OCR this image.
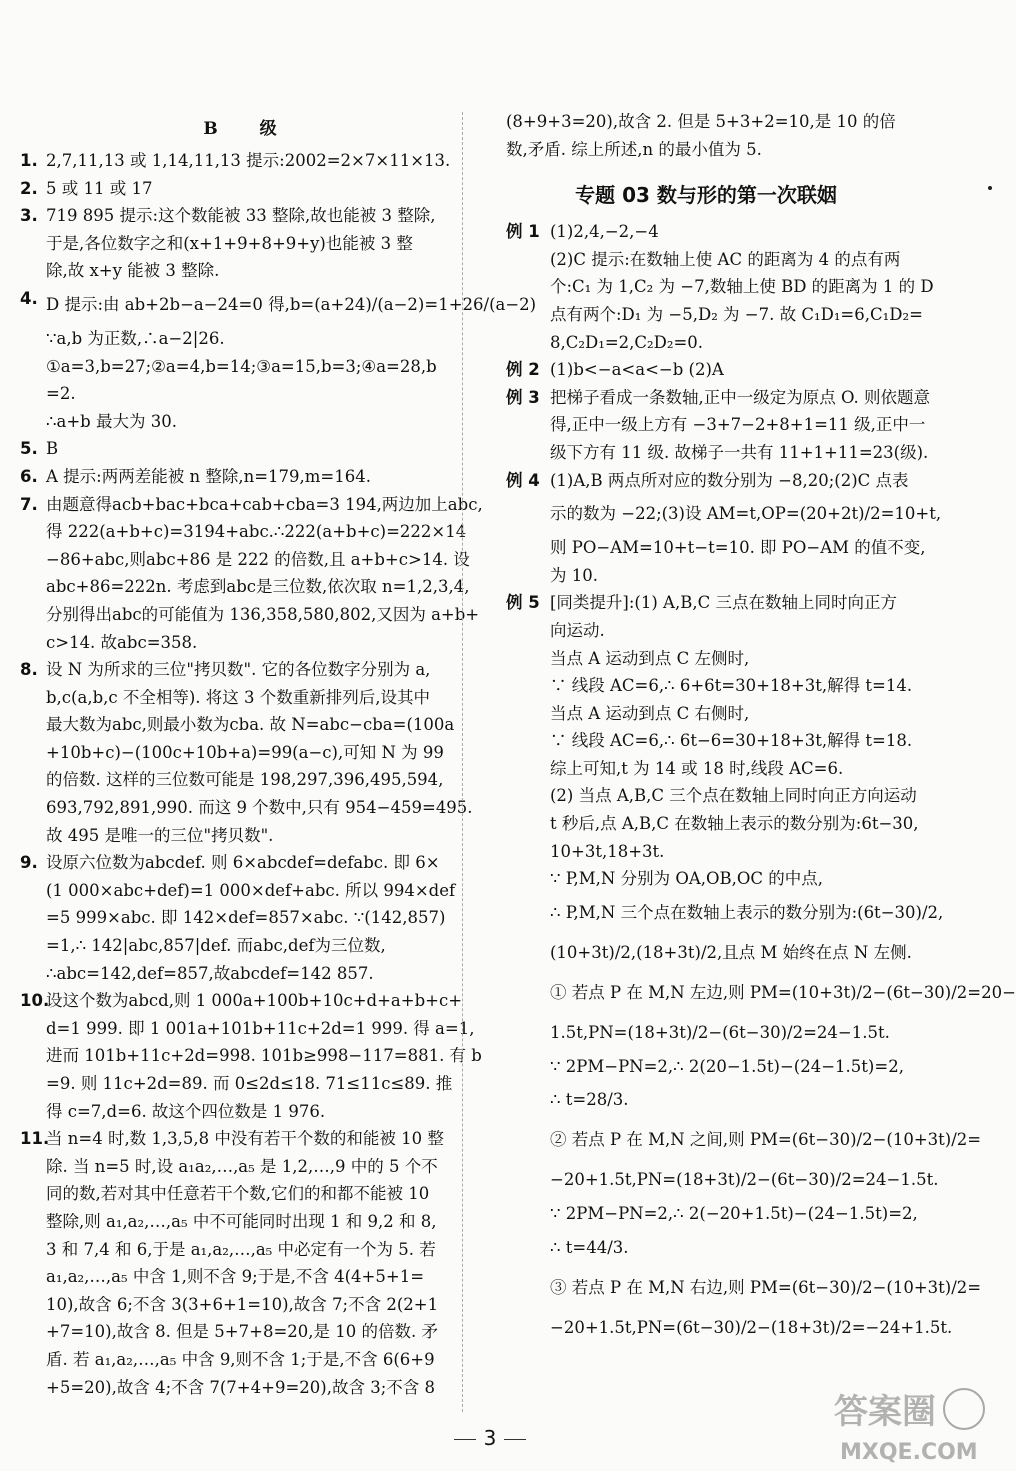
B 级
1. 2,7,11,13 或 1,14,11,13 提示:2002=2×7×11×13.
2. 5 或 11 或 17
3. 719 895 提示:这个数能被 33 整除,故也能被 3 整除,
于是,各位数字之和(x+1+9+8+9+y)也能被 3 整
除,故 x+y 能被 3 整除.
4. D 提示:由 ab+2b−a−24=0 得,b=(a+24)/(a−2)=1+26/(a−2)
∵a,b 为正数,∴a−2|26.
①a=3,b=27;②a=4,b=14;③a=15,b=3;④a=28,b
=2.
∴a+b 最大为 30.
5. B
6. A 提示:两两差能被 n 整除,n=179,m=164.
7. 由题意得acb+bac+bca+cab+cba=3 194,两边加上abc,
得 222(a+b+c)=3194+abc.∴222(a+b+c)=222×14
−86+abc,则abc+86 是 222 的倍数,且 a+b+c>14. 设
abc+86=222n. 考虑到abc是三位数,依次取 n=1,2,3,4,
分别得出abc的可能值为 136,358,580,802,又因为 a+b+
c>14. 故abc=358.
8. 设 N 为所求的三位"拷贝数". 它的各位数字分别为 a,
b,c(a,b,c 不全相等). 将这 3 个数重新排列后,设其中
最大数为abc,则最小数为cba. 故 N=abc−cba=(100a
+10b+c)−(100c+10b+a)=99(a−c),可知 N 为 99
的倍数. 这样的三位数可能是 198,297,396,495,594,
693,792,891,990. 而这 9 个数中,只有 954−459=495.
故 495 是唯一的三位"拷贝数".
9. 设原六位数为abcdef. 则 6×abcdef=defabc. 即 6×
(1 000×abc+def)=1 000×def+abc. 所以 994×def
=5 999×abc. 即 142×def=857×abc. ∵(142,857)
=1,∴ 142|abc,857|def. 而abc,def为三位数,
∴abc=142,def=857,故abcdef=142 857.
10.
设这个数为abcd,则 1 000a+100b+10c+d+a+b+c+
d=1 999. 即 1 001a+101b+11c+2d=1 999. 得 a=1,
进而 101b+11c+2d=998. 101b≥998−117=881. 有 b
=9. 则 11c+2d=89. 而 0≤2d≤18. 71≤11c≤89. 推
得 c=7,d=6. 故这个四位数是 1 976.
11.
当 n=4 时,数 1,3,5,8 中没有若干个数的和能被 10 整
除. 当 n=5 时,设 a₁a₂,…,a₅ 是 1,2,…,9 中的 5 个不
同的数,若对其中任意若干个数,它们的和都不能被 10
整除,则 a₁,a₂,…,a₅ 中不可能同时出现 1 和 9,2 和 8,
3 和 7,4 和 6,于是 a₁,a₂,…,a₅ 中必定有一个为 5. 若
a₁,a₂,…,a₅ 中含 1,则不含 9;于是,不含 4(4+5+1=
10),故含 6;不含 3(3+6+1=10),故含 7;不含 2(2+1
+7=10),故含 8. 但是 5+7+8=20,是 10 的倍数. 矛
盾. 若 a₁,a₂,…,a₅ 中含 9,则不含 1;于是,不含 6(6+9
+5=20),故含 4;不含 7(7+4+9=20),故含 3;不含 8
(8+9+3=20),故含 2. 但是 5+3+2=10,是 10 的倍
数,矛盾. 综上所述,n 的最小值为 5.
专题 03 数与形的第一次联姻
例 1 (1)2,4,−2,−4
(2)C 提示:在数轴上使 AC 的距离为 4 的点有两
个:C₁ 为 1,C₂ 为 −7,数轴上使 BD 的距离为 1 的 D
点有两个:D₁ 为 −5,D₂ 为 −7. 故 C₁D₁=6,C₁D₂=
8,C₂D₁=2,C₂D₂=0.
例 2 (1)b<−a<a<−b (2)A
例 3 把梯子看成一条数轴,正中一级定为原点 O. 则依题意
得,正中一级上方有 −3+7−2+8+1=11 级,正中一
级下方有 11 级. 故梯子一共有 11+1+11=23(级).
例 4 (1)A,B 两点所对应的数分别为 −8,20;(2)C 点表
示的数为 −22;(3)设 AM=t,OP=(20+2t)/2=10+t,
则 PO−AM=10+t−t=10. 即 PO−AM 的值不变,
为 10.
例 5 [同类提升]:(1) A,B,C 三点在数轴上同时向正方
向运动.
当点 A 运动到点 C 左侧时,
∵ 线段 AC=6,∴ 6+6t=30+18+3t,解得 t=14.
当点 A 运动到点 C 右侧时,
∵ 线段 AC=6,∴ 6t−6=30+18+3t,解得 t=18.
综上可知,t 为 14 或 18 时,线段 AC=6.
(2) 当点 A,B,C 三个点在数轴上同时向正方向运动
t 秒后,点 A,B,C 在数轴上表示的数分别为:6t−30,
10+3t,18+3t.
∵ P,M,N 分别为 OA,OB,OC 的中点,
∴ P,M,N 三个点在数轴上表示的数分别为:(6t−30)/2,
(10+3t)/2,(18+3t)/2,且点 M 始终在点 N 左侧.
① 若点 P 在 M,N 左边,则 PM=(10+3t)/2−(6t−30)/2=20−
1.5t,PN=(18+3t)/2−(6t−30)/2=24−1.5t.
∵ 2PM−PN=2,∴ 2(20−1.5t)−(24−1.5t)=2,
∴ t=28/3.
② 若点 P 在 M,N 之间,则 PM=(6t−30)/2−(10+3t)/2=
−20+1.5t,PN=(18+3t)/2−(6t−30)/2=24−1.5t.
∵ 2PM−PN=2,∴ 2(−20+1.5t)−(24−1.5t)=2,
∴ t=44/3.
③ 若点 P 在 M,N 右边,则 PM=(6t−30)/2−(10+3t)/2=
−20+1.5t,PN=(6t−30)/2−(18+3t)/2=−24+1.5t.
3
答案圈
MXQE.COM
